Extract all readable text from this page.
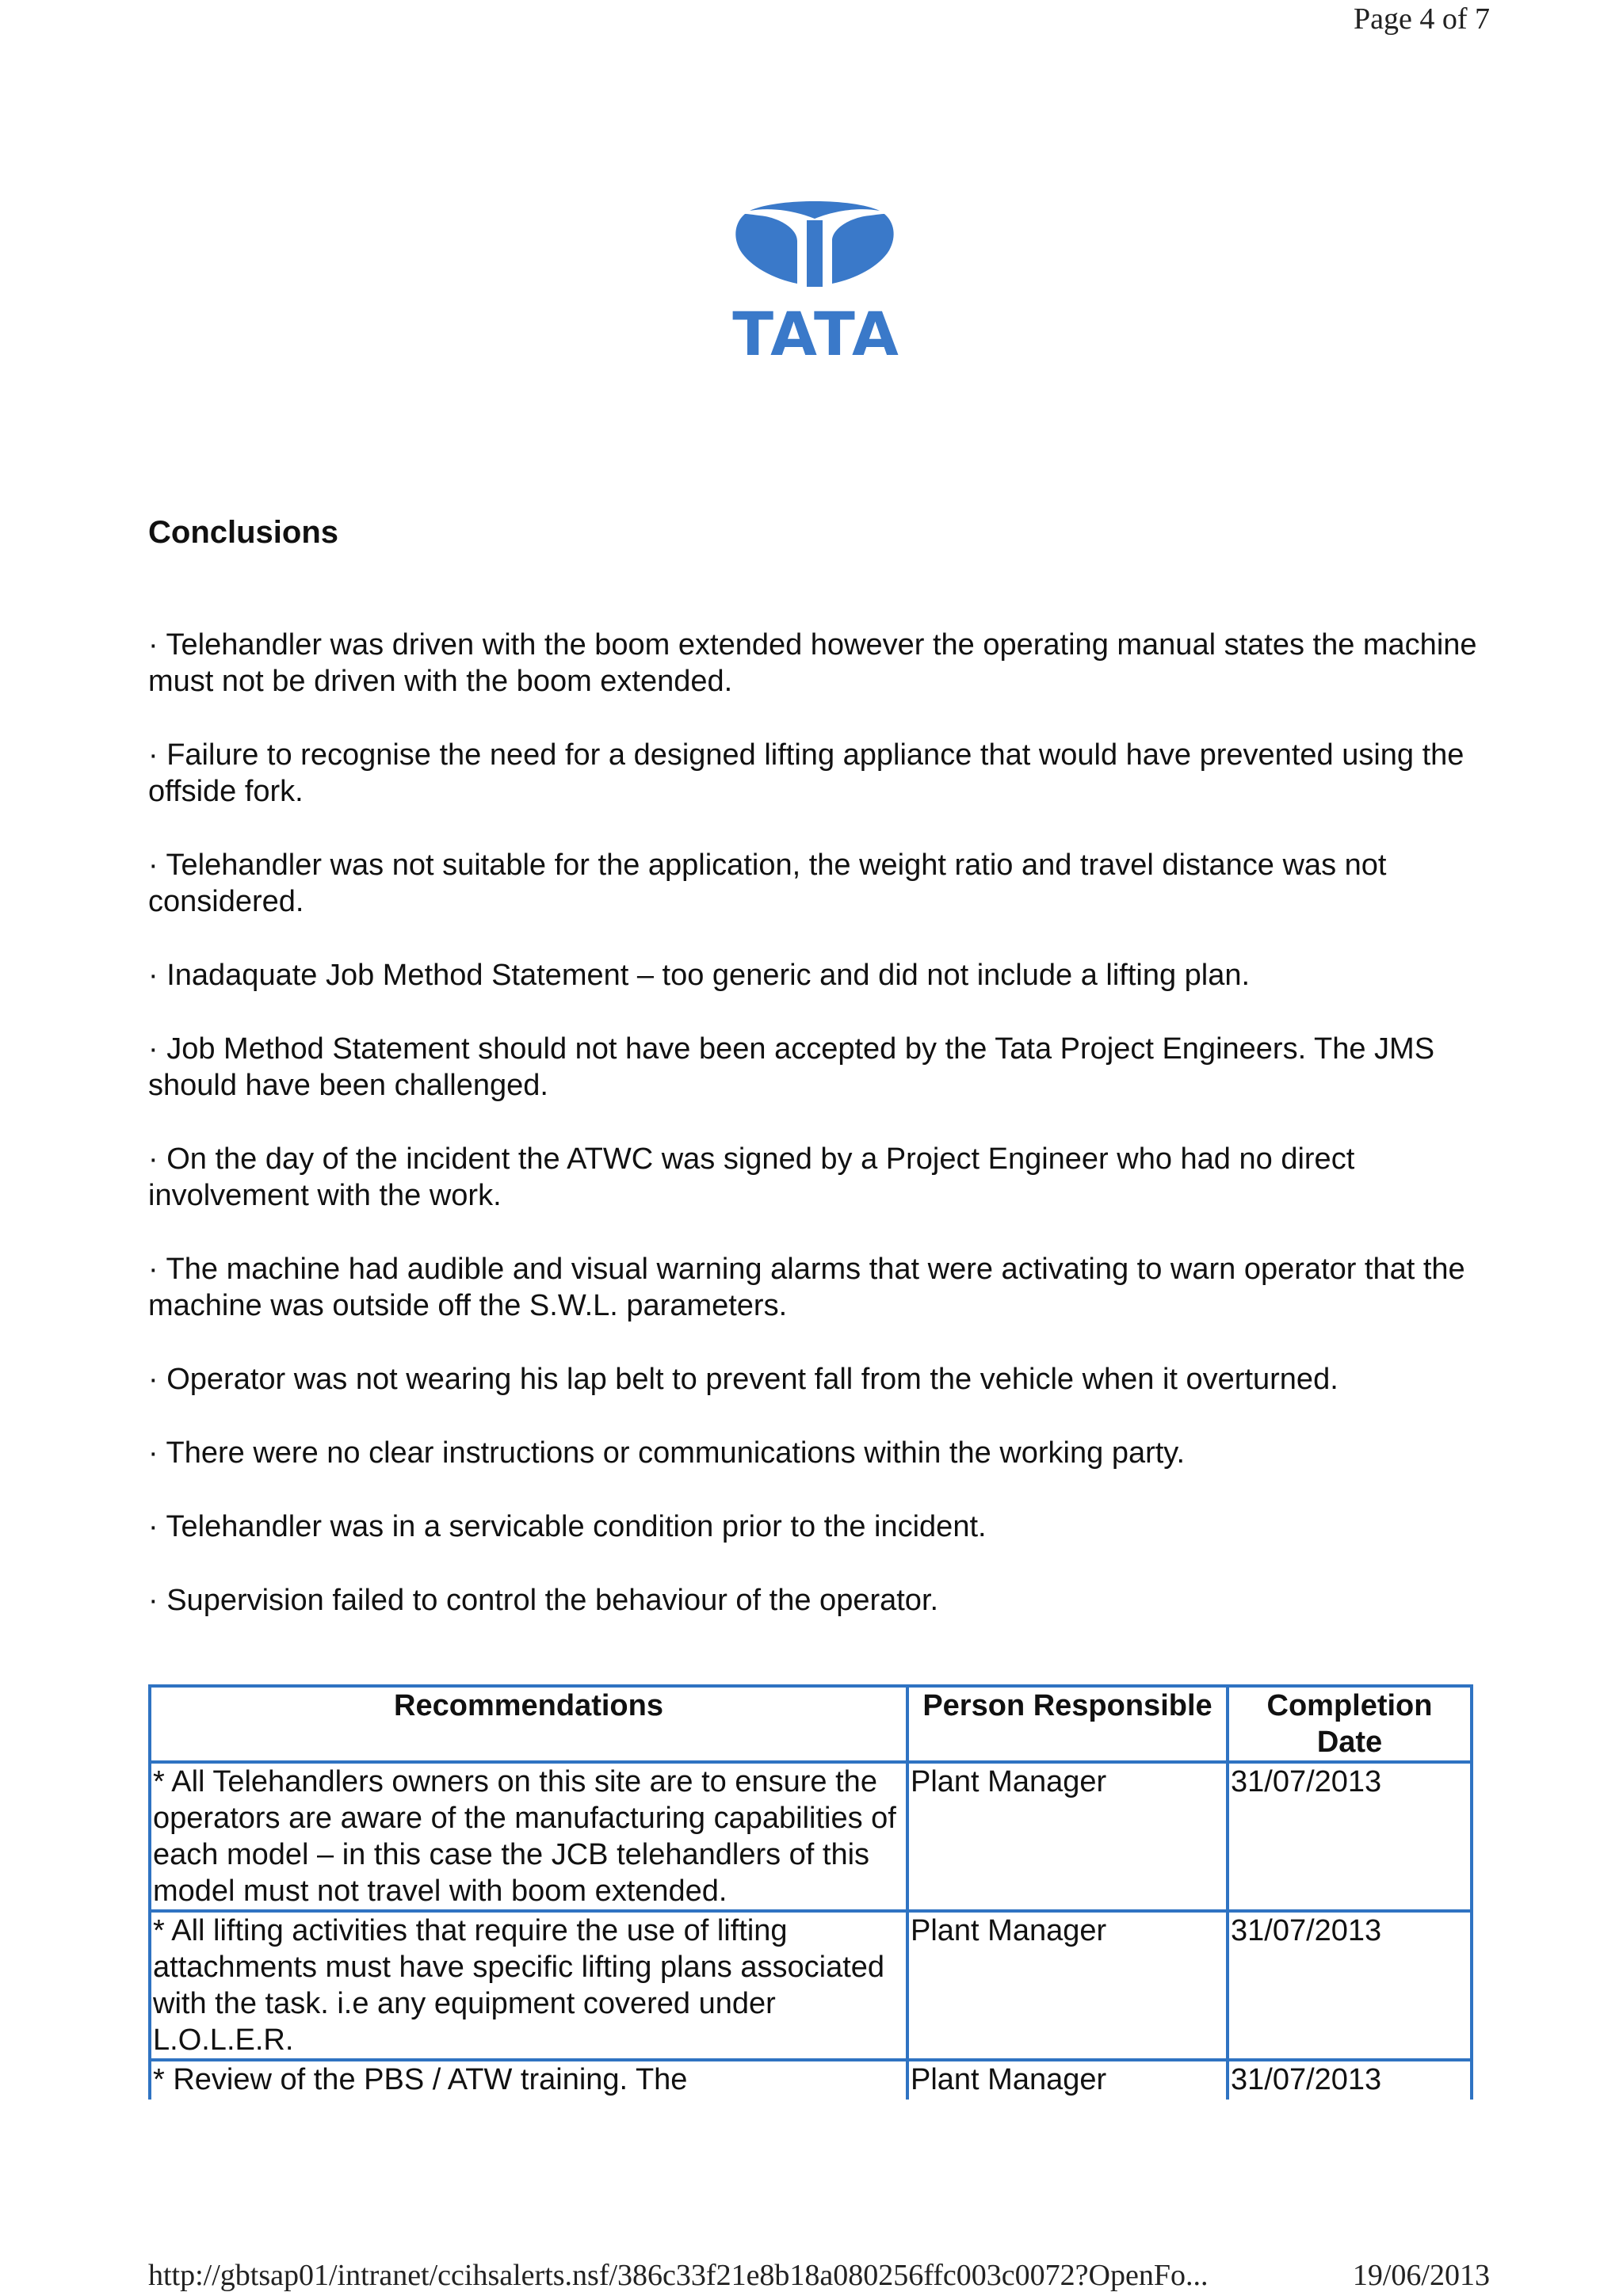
Page 4 of 7
TATA
Conclusions
· Telehandler was driven with the boom extended however the operating manual states the machine must not be driven with the boom extended.
· Failure to recognise the need for a designed lifting appliance that would have prevented using the offside fork.
· Telehandler was not suitable for the application, the weight ratio and travel distance was not considered.
· Inadaquate Job Method Statement – too generic and did not include a lifting plan.
· Job Method Statement should not have been accepted by the Tata Project Engineers. The JMS should have been challenged.
· On the day of the incident the ATWC was signed by a Project Engineer who had no direct involvement with the work.
· The machine had audible and visual warning alarms that were activating to warn operator that the machine was outside off the S.W.L. parameters.
· Operator was not wearing his lap belt to prevent fall from the vehicle when it overturned.
· There were no clear instructions or communications within the working party.
· Telehandler was in a servicable condition prior to the incident.
· Supervision failed to control the behaviour of the operator.
Recommendations	Person Responsible	Completion Date
* All Telehandlers owners on this site are to ensure the operators are aware of the manufacturing capabilities of each model – in this case the JCB telehandlers of this model must not travel with boom extended.	Plant Manager	31/07/2013
* All lifting activities that require the use of lifting attachments must have specific lifting plans associated with the task. i.e any equipment covered under L.O.L.E.R.	Plant Manager	31/07/2013
* Review of the PBS / ATW training. The	Plant Manager	31/07/2013
http://gbtsap01/intranet/ccihsalerts.nsf/386c33f21e8b18a080256ffc003c0072?OpenFo...	19/06/2013
